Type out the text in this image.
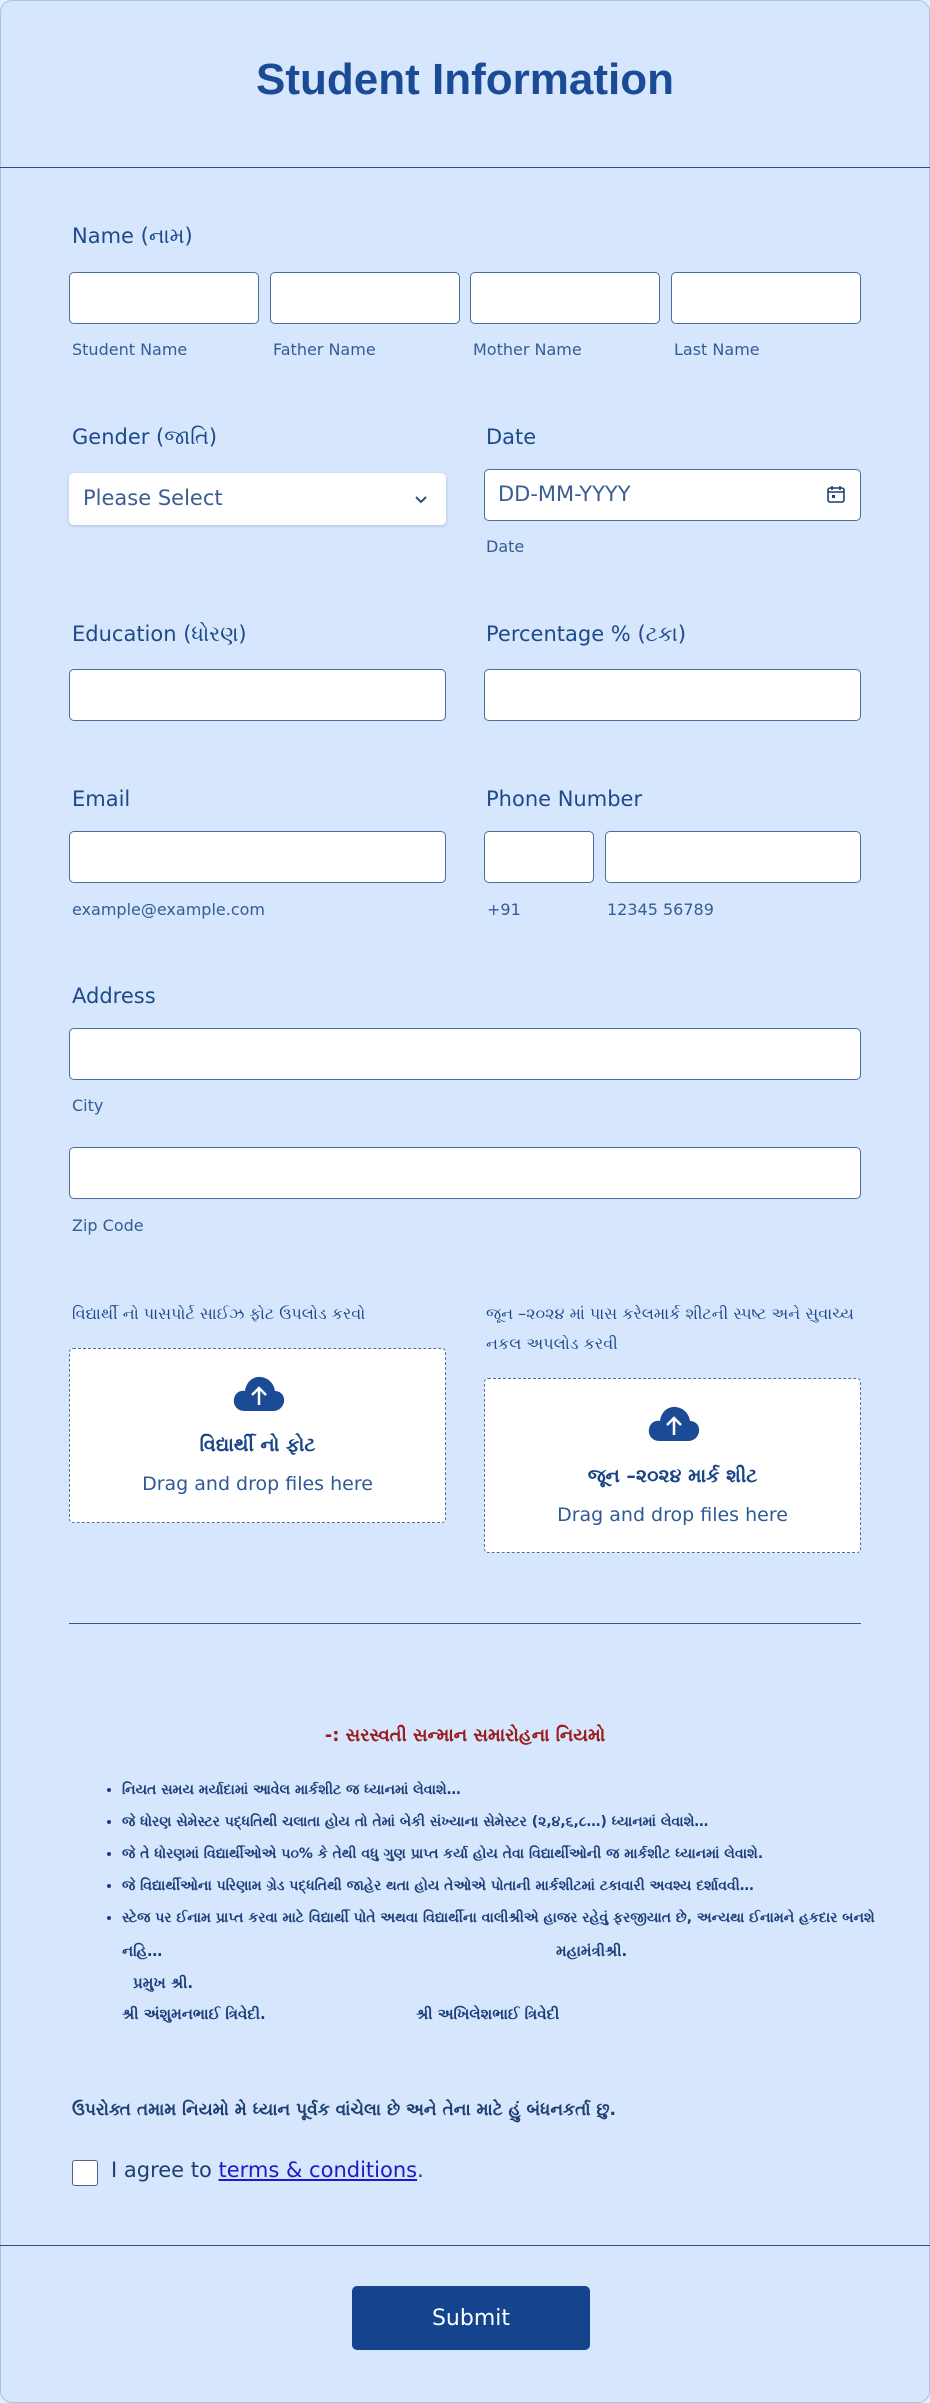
Student Information
Name (નામ)
Student Name	Father Name	Mother Name	Last Name
Gender (જાતિ)
Please Select
Date
DD-MM-YYYY
Date
Education (ધોરણ)	Percentage % (ટકા)
Email
example@example.com
Phone Number
+91	12345 56789
Address
City
Zip Code
વિદ્યાર્થી નો પાસપોર્ટ સાઈઝ ફોટ ઉપલોડ કરવો
વિદ્યાર્થી નો ફોટ
Drag and drop files here
જૂન –૨૦૨૪ માં પાસ કરેલમાર્ક શીટની સ્પષ્ટ અને સુવાચ્ય
નકલ અપલોડ કરવી
જૂન –૨૦૨૪ માર્ક શીટ
Drag and drop files here
-: સરસ્વતી સન્માન સમારોહના નિયમો
• નિયત સમય મર્યાદામાં આવેલ માર્કશીટ જ ધ્યાનમાં લેવાશે…
• જે ધોરણ સેમેસ્ટર પદ્ધતિથી ચલાતા હોય તો તેમાં બેકી સંખ્યાના સેમેસ્ટર (૨,૪,૬,૮…) ધ્યાનમાં લેવાશે…
• જે તે ધોરણમાં વિદ્યાર્થીઓએ ૫૦% કે તેથી વધુ ગુણ પ્રાપ્ત કર્યા હોય તેવા વિદ્યાર્થીઓની જ માર્કશીટ ધ્યાનમાં લેવાશે.
• જે વિદ્યાર્થીઓના પરિણામ ગ્રેડ પદ્ધતિથી જાહેર થતા હોય તેઓએ પોતાની માર્કશીટમાં ટકાવારી અવશ્ય દર્શાવવી…
• સ્ટેજ પર ઈનામ પ્રાપ્ત કરવા માટે વિદ્યાર્થી પોતે અથવા વિદ્યાર્થીના વાલીશ્રીએ હાજર રહેવું ફરજીયાત છે, અન્યથા ઈનામને હકદાર બનશે
નહિ…	મહામંત્રીશ્રી.
પ્રમુખ શ્રી.
શ્રી અંશુમનભાઈ ત્રિવેદી.	શ્રી અખિલેશભાઈ ત્રિવેદી
ઉપરોક્ત તમામ નિયમો મે ધ્યાન પૂર્વક વાંચેલા છે અને તેના માટે હું બંધનકર્તા છુ.
I agree to terms & conditions.
Submit
